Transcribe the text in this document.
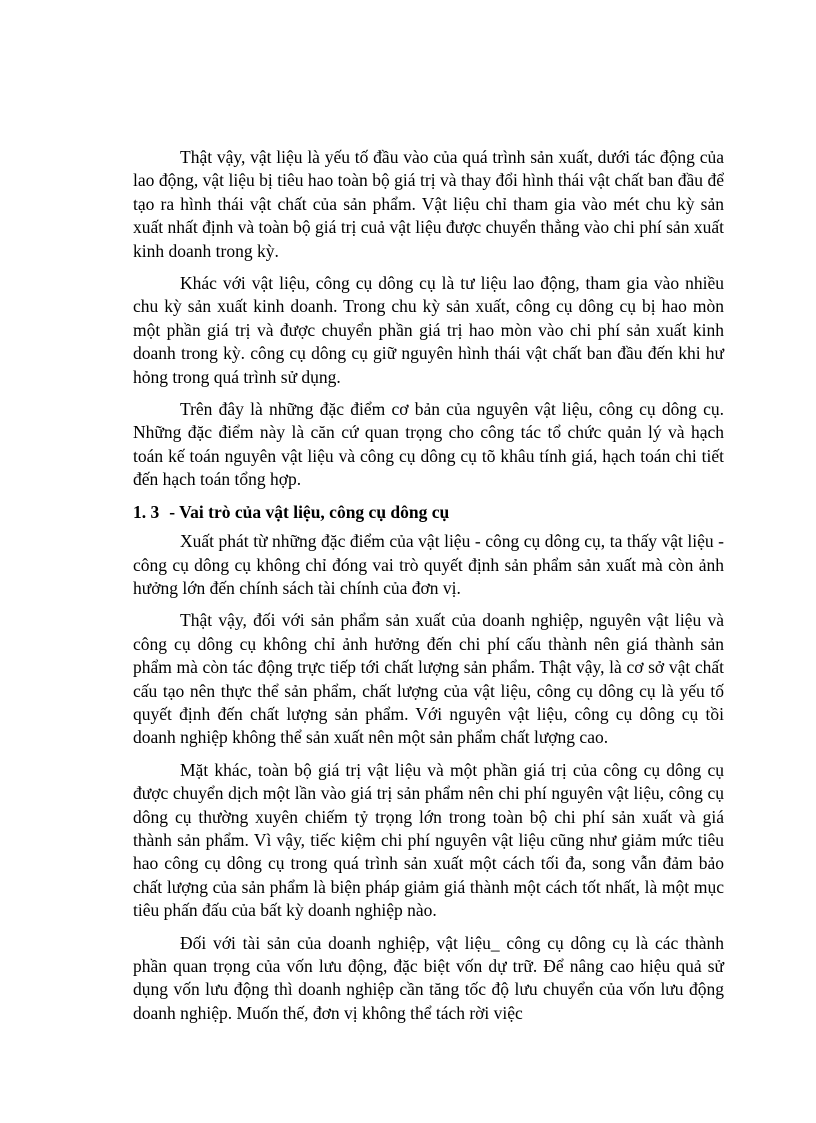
Thật vậy, vật liệu là yếu tố đầu vào của quá trình sản xuất, dưới tác động của lao động, vật liệu bị tiêu hao toàn bộ giá trị và thay đổi hình thái vật chất ban đầu để tạo ra hình thái vật chất của sản phẩm. Vật liệu chỉ tham gia vào mét chu kỳ sản xuất nhất định và toàn bộ giá trị cuả vật liệu được chuyển thẳng vào chi phí sản xuất kinh doanh trong kỳ.

Khác với vật liệu, công cụ dông cụ là tư liệu lao động, tham gia vào nhiều chu kỳ sản xuất kinh doanh. Trong chu kỳ sản xuất, công cụ dông cụ bị hao mòn một phần giá trị và được chuyển phần giá trị hao mòn vào chi phí sản xuất kinh doanh trong kỳ. công cụ dông cụ giữ nguyên hình thái vật chất ban đầu đến khi hư hỏng trong quá trình sử dụng.

Trên đây là những đặc điểm cơ bản của nguyên vật liệu, công cụ dông cụ. Những đặc điểm này là căn cứ quan trọng cho công tác tổ chức quản lý và hạch toán kế toán nguyên vật liệu và công cụ dông cụ tõ khâu tính giá, hạch toán chi tiết đến hạch toán tổng hợp.

1. 3 - Vai trò của vật liệu, công cụ dông cụ

Xuất phát từ những đặc điểm của vật liệu - công cụ dông cụ, ta thấy vật liệu - công cụ dông cụ không chỉ đóng vai trò quyết định sản phẩm sản xuất mà còn ảnh hưởng lớn đến chính sách tài chính của đơn vị.

Thật vậy, đối với sản phẩm sản xuất của doanh nghiệp, nguyên vật liệu và công cụ dông cụ không chỉ ảnh hưởng đến chi phí cấu thành nên giá thành sản phẩm mà còn tác động trực tiếp tới chất lượng sản phẩm. Thật vậy, là cơ sở vật chất cấu tạo nên thực thể sản phẩm, chất lượng của vật liệu, công cụ dông cụ là yếu tố quyết định đến chất lượng sản phẩm. Với nguyên vật liệu, công cụ dông cụ tồi doanh nghiệp không thể sản xuất nên một sản phẩm chất lượng cao.

Mặt khác, toàn bộ giá trị vật liệu và một phần giá trị của công cụ dông cụ được chuyển dịch một lần vào giá trị sản phẩm nên chi phí nguyên vật liệu, công cụ dông cụ thường xuyên chiếm tỷ trọng lớn trong toàn bộ chi phí sản xuất và giá thành sản phẩm. Vì vậy, tiếc kiệm chi phí nguyên vật liệu cũng như giảm mức tiêu hao công cụ dông cụ trong quá trình sản xuất một cách tối đa, song vẫn đảm bảo chất lượng của sản phẩm là biện pháp giảm giá thành một cách tốt nhất, là một mục tiêu phấn đấu của bất kỳ doanh nghiệp nào.

Đối với tài sản của doanh nghiệp, vật liệu_ công cụ dông cụ là các thành phần quan trọng của vốn lưu động, đặc biệt vốn dự trữ. Để nâng cao hiệu quả sử dụng vốn lưu động thì doanh nghiệp cần tăng tốc độ lưu chuyển của vốn lưu động doanh nghiệp. Muốn thế, đơn vị không thể tách rời việc
